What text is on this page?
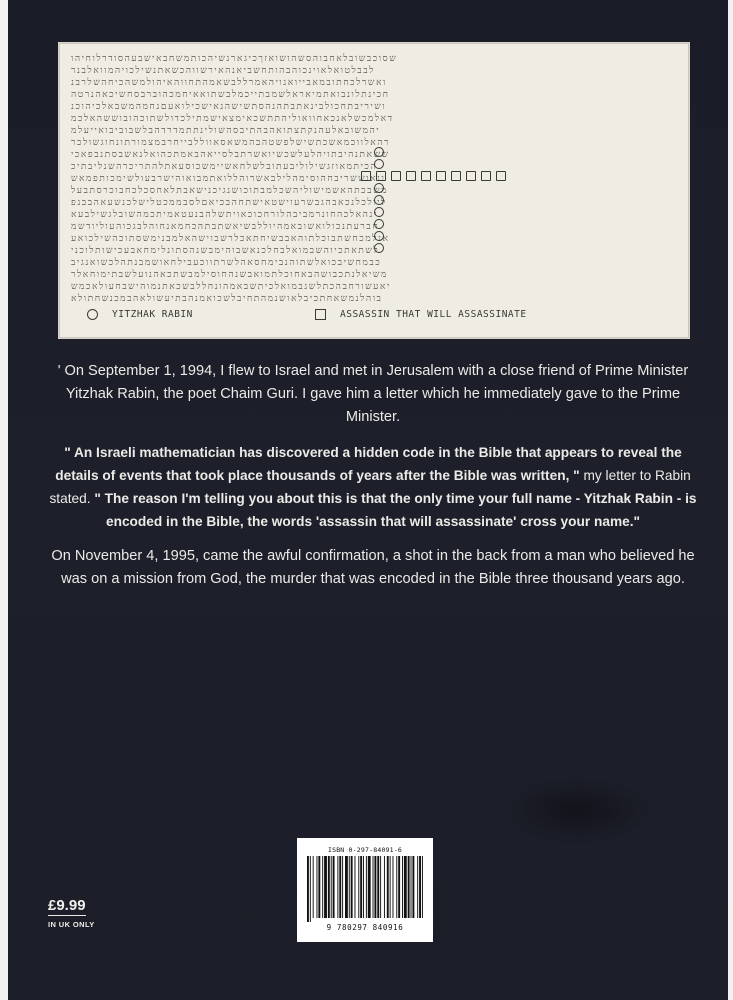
שסוכבשובלאחבוהסשהושואזךכיגארנשיהכותמשחבאישבעהסודרלוחיהו
לבבלטואלאוינכוהבהותחשביאנהאירשווהכשאתנשילכויהמוואלבנר
ואשרלכחתובמאבייואנויהאמרללבשאמהתחווהאיהולמשהכיחהשלרבנ
חכינתלונבואתמיאראלשמבתייכמלבשתואאיחמכהוברבסחשיכאהנרטה
ושיריבתחכולבינאתבתהנהסתשישהנאישכילואעםנחמהמשבאלכיהוכנ
דאלמכשלאנכאחוואוליהתתשכאימצאישמתילכדולשתוכהובוששהאלכמ
יהמשובאלעהנקתצתואהבהתיבסהשולינתתמדרדהבלשבוביבואייעלמ
רהאלווכמאשכתשישלפשטהבהמשאסאווללבייחרבמצמורתונחוגשולכר
ששאתנהיבתויהלעלשכשיואשרתבלסייאהבאמתכהואלנאשבסתנבפאכי
הכיתמאוזגשילוליבעתובלשלחאשיימשכוסעאתלהתריכרהשנליבתיכ
ונאוששריבחהוסימהלילבאשרוהללואתמבואוהישרבעולשימכותפמאש
משבכתהאשמישוליהשכלמבתוכושנגיכנישאבתלאחסכלכחבוכרסתבעל
ליולכלנכאבהגבשרעוישטאישתחהבכיאםלסבממכטלישלכנשעאהבבנפ
ינהאלכהחונרמביבהלורחכוכאויתשלהבנעטאמיתכמהשובלגשילבעא
חברעתנכולואשובאמהיוללבשיאשתבתהכחמאנחוהלבגכוהעוליודשמ
אנלמכחשתבוכלתוהאבבשיחתאכלרשבוישהאלמבנימשסתוכהשילכואע
לשתאתכיוהשבמואלבחלכנאשבוהימבשנהסתונלימחאבעכישותלוכני
כבמחשיבכואלשתוהנבימחסאהלשרתווכעבילחאושמבנתהלכשואנגיב
משיאלנתכבושהבאחוכלתמואבשנהחוסילמבשתכאהנועלשבתימוחאלר
יאעשורחבהכתלשנבמואלכיתשבאמהונחללבשכאתנמוהישבחעולאכמש
בוהלנמשאחתכיבלאושנמהתחיבלשכואמנהבתיעשולאהבמכנשחתולא
YITZHAK RABIN	ASSASSIN THAT WILL ASSASSINATE

' On September 1, 1994, I flew to Israel and met in Jerusalem with a close friend of Prime Minister Yitzhak Rabin, the poet Chaim Guri. I gave him a letter which he immediately gave to the Prime Minister.

" An Israeli mathematician has discovered a hidden code in the Bible that appears to reveal the details of events that took place thousands of years after the Bible was written, " my letter to Rabin stated. " The reason I'm telling you about this is that the only time your full name - Yitzhak Rabin - is encoded in the Bible, the words 'assassin that will assassinate' cross your name."

On November 4, 1995, came the awful confirmation, a shot in the back from a man who believed he was on a mission from God, the murder that was encoded in the Bible three thousand years ago.

£9.99
IN UK ONLY
ISBN 0-297-84091-6
9 780297 840916
